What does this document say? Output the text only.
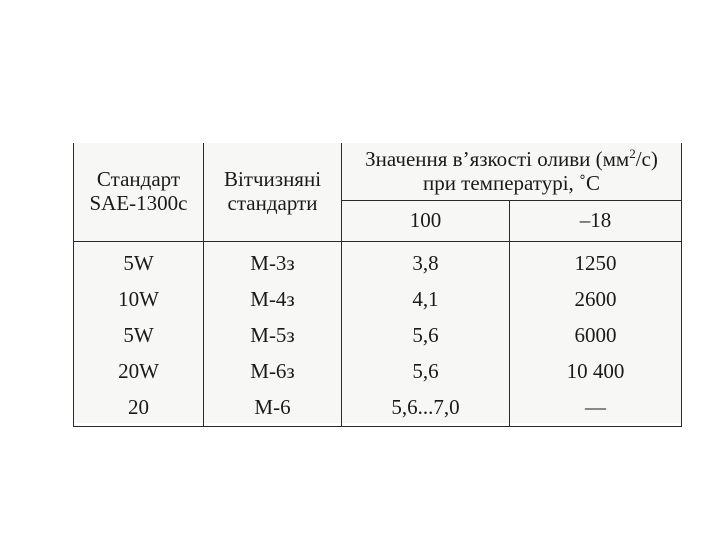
Стандарт SAE-1300с	Вітчизняні стандарти	Значення в’язкості оливи $(мм^2/с)$
при температурі, ˚С	
		100	–18
5W	М-3з	3,8	1250
10W	М-4з	4,1	2600
5W	М-5з	5,6	6000
20W	М-6з	5,6	10 400
20	М-6	5,6...7,0	—
